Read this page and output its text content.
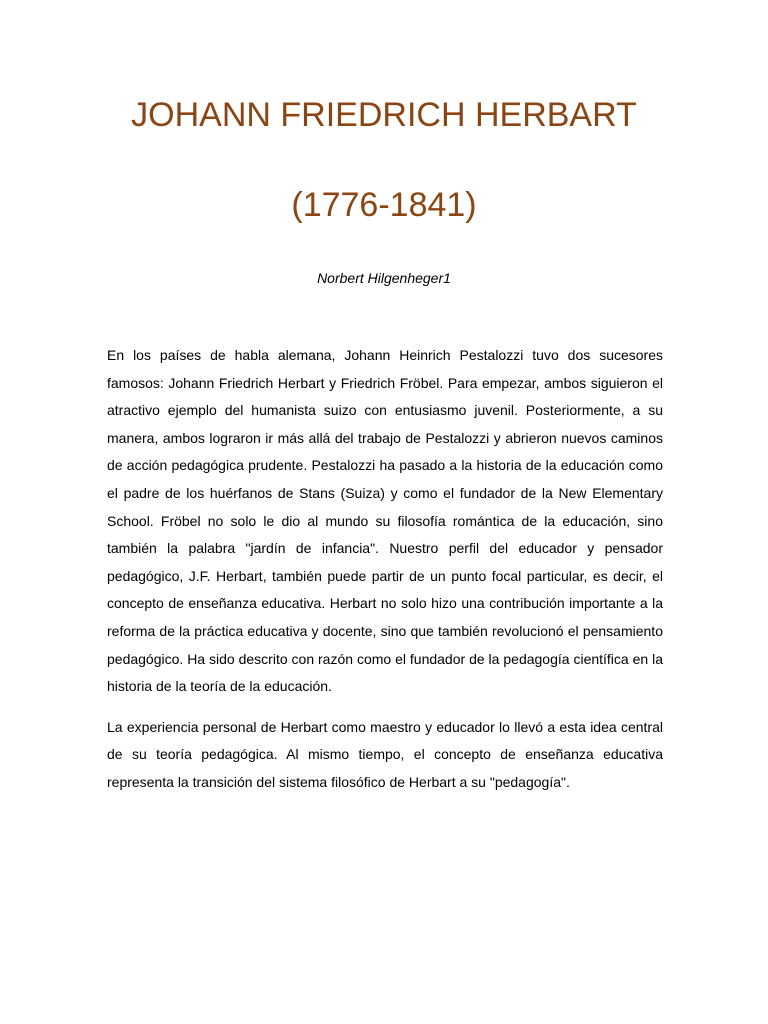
JOHANN FRIEDRICH HERBART
(1776-1841)

Norbert Hilgenheger1

En los países de habla alemana, Johann Heinrich Pestalozzi tuvo dos sucesores famosos: Johann Friedrich Herbart y Friedrich Fröbel. Para empezar, ambos siguieron el atractivo ejemplo del humanista suizo con entusiasmo juvenil. Posteriormente, a su manera, ambos lograron ir más allá del trabajo de Pestalozzi y abrieron nuevos caminos de acción pedagógica prudente. Pestalozzi ha pasado a la historia de la educación como el padre de los huérfanos de Stans (Suiza) y como el fundador de la New Elementary School. Fröbel no solo le dio al mundo su filosofía romántica de la educación, sino también la palabra "jardín de infancia". Nuestro perfil del educador y pensador pedagógico, J.F. Herbart, también puede partir de un punto focal particular, es decir, el concepto de enseñanza educativa. Herbart no solo hizo una contribución importante a la reforma de la práctica educativa y docente, sino que también revolucionó el pensamiento pedagógico. Ha sido descrito con razón como el fundador de la pedagogía científica en la historia de la teoría de la educación.

La experiencia personal de Herbart como maestro y educador lo llevó a esta idea central de su teoría pedagógica. Al mismo tiempo, el concepto de enseñanza educativa representa la transición del sistema filosófico de Herbart a su "pedagogía".
